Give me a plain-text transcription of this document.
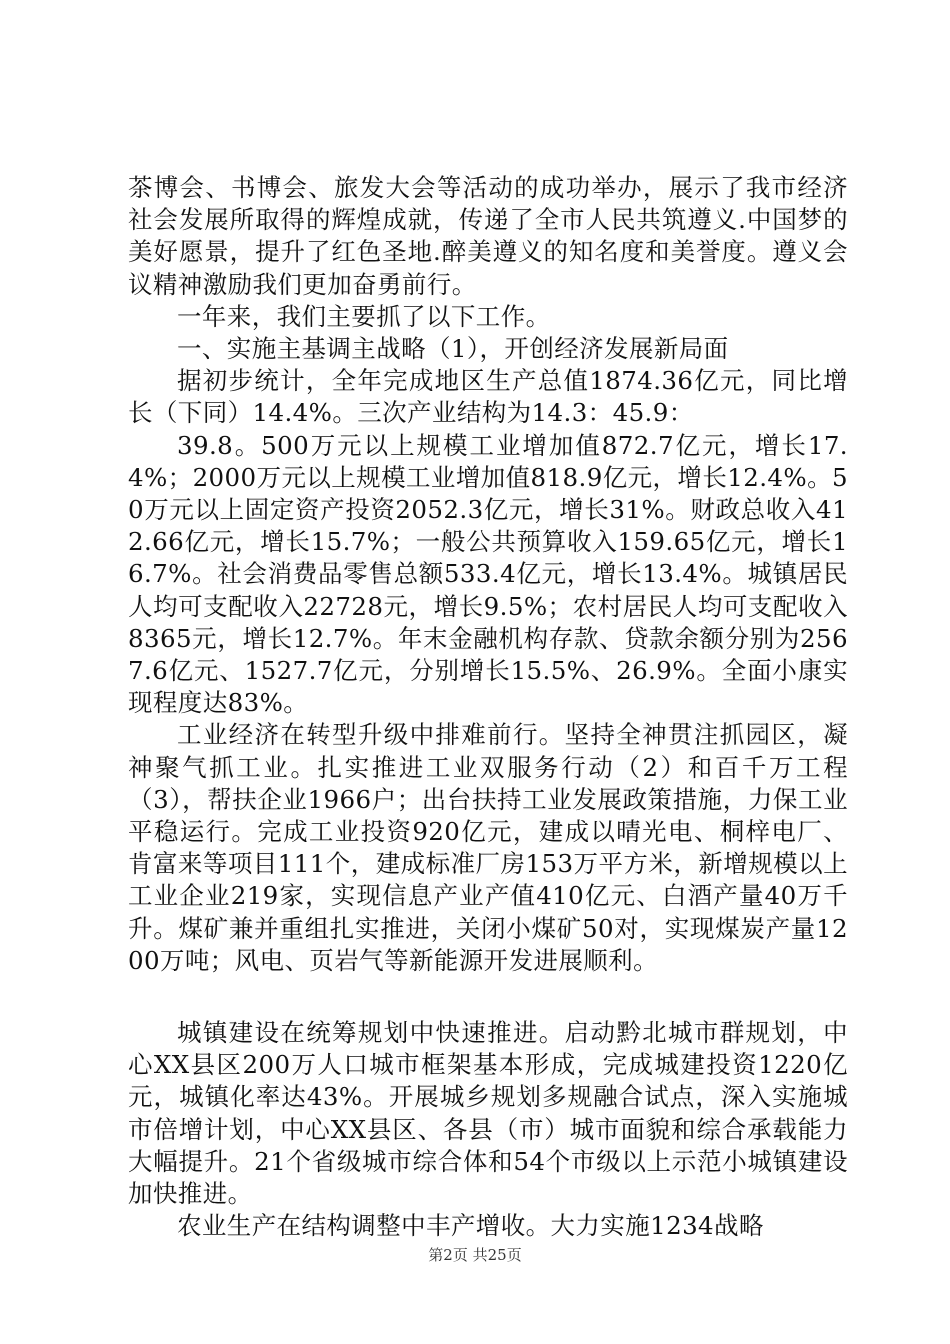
茶博会、书博会、旅发大会等活动的成功举办，展示了我市经济社会发展所取得的辉煌成就，传递了全市人民共筑遵义.中国梦的美好愿景，提升了红色圣地.醉美遵义的知名度和美誉度。遵义会议精神激励我们更加奋勇前行。

一年来，我们主要抓了以下工作。

一、实施主基调主战略（1），开创经济发展新局面

据初步统计，全年完成地区生产总值1874.36亿元，同比增长（下同）14.4%。三次产业结构为14.3：45.9：

39.8。500万元以上规模工业增加值872.7亿元，增长17.4%；2000万元以上规模工业增加值818.9亿元，增长12.4%。50万元以上固定资产投资2052.3亿元，增长31%。财政总收入412.66亿元，增长15.7%；一般公共预算收入159.65亿元，增长16.7%。社会消费品零售总额533.4亿元，增长13.4%。城镇居民人均可支配收入22728元，增长9.5%；农村居民人均可支配收入8365元，增长12.7%。年末金融机构存款、贷款余额分别为2567.6亿元、1527.7亿元，分别增长15.5%、26.9%。全面小康实现程度达83%。

工业经济在转型升级中排难前行。坚持全神贯注抓园区，凝神聚气抓工业。扎实推进工业双服务行动（2）和百千万工程（3），帮扶企业1966户；出台扶持工业发展政策措施，力保工业平稳运行。完成工业投资920亿元，建成以晴光电、桐梓电厂、肯富来等项目111个，建成标准厂房153万平方米，新增规模以上工业企业219家，实现信息产业产值410亿元、白酒产量40万千升。煤矿兼并重组扎实推进，关闭小煤矿50对，实现煤炭产量1200万吨；风电、页岩气等新能源开发进展顺利。

城镇建设在统筹规划中快速推进。启动黔北城市群规划，中心XX县区200万人口城市框架基本形成，完成城建投资1220亿元，城镇化率达43%。开展城乡规划多规融合试点，深入实施城市倍增计划，中心XX县区、各县（市）城市面貌和综合承载能力大幅提升。21个省级城市综合体和54个市级以上示范小城镇建设加快推进。

农业生产在结构调整中丰产增收。大力实施1234战略

第2页 共25页
